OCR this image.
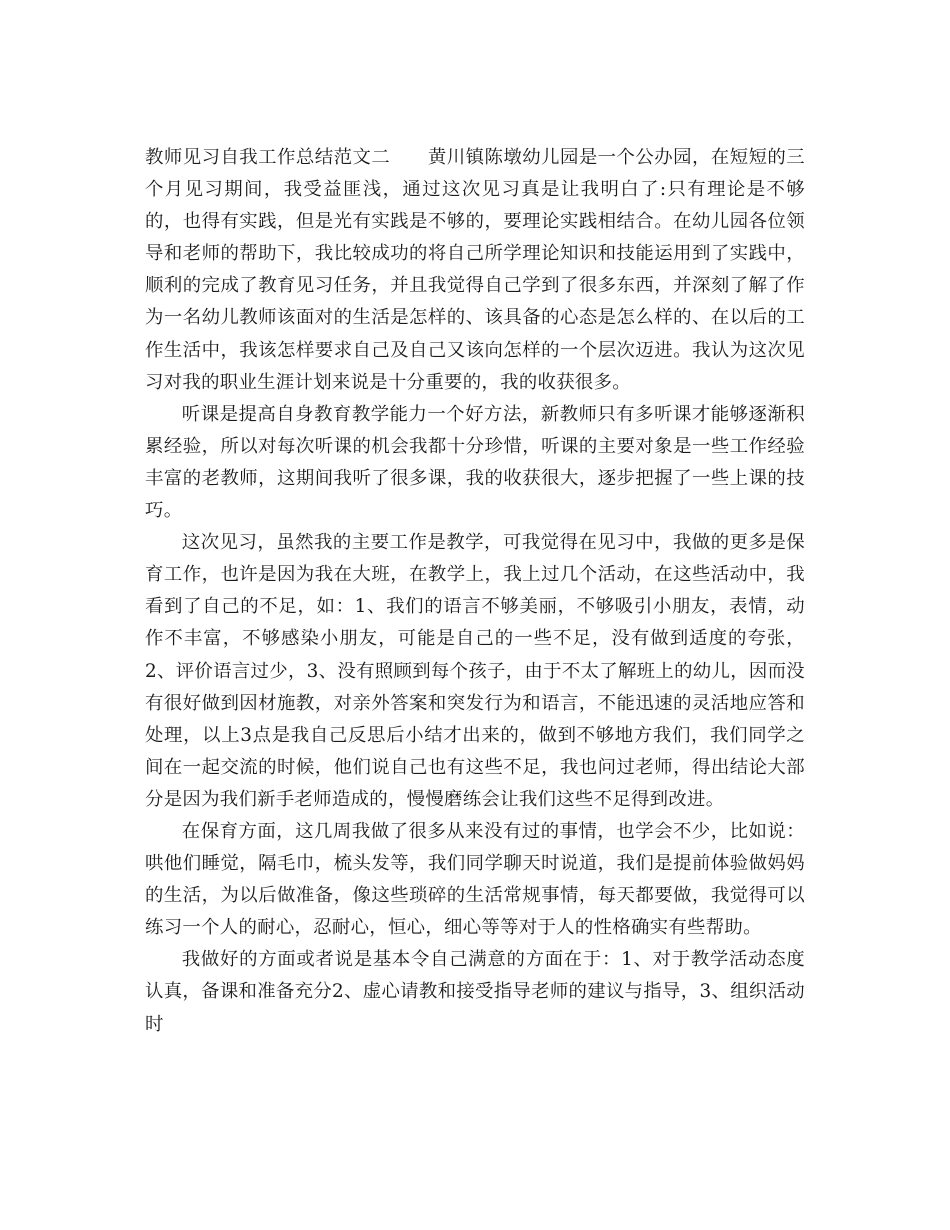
教师见习自我工作总结范文二　　黄川镇陈墩幼儿园是一个公办园，在短短的三个月见习期间，我受益匪浅，通过这次见习真是让我明白了:只有理论是不够的，也得有实践，但是光有实践是不够的，要理论实践相结合。在幼儿园各位领导和老师的帮助下，我比较成功的将自己所学理论知识和技能运用到了实践中，顺利的完成了教育见习任务，并且我觉得自己学到了很多东西，并深刻了解了作为一名幼儿教师该面对的生活是怎样的、该具备的心态是怎么样的、在以后的工作生活中，我该怎样要求自己及自己又该向怎样的一个层次迈进。我认为这次见习对我的职业生涯计划来说是十分重要的，我的收获很多。

听课是提高自身教育教学能力一个好方法，新教师只有多听课才能够逐渐积累经验，所以对每次听课的机会我都十分珍惜，听课的主要对象是一些工作经验丰富的老教师，这期间我听了很多课，我的收获很大，逐步把握了一些上课的技巧。

这次见习，虽然我的主要工作是教学，可我觉得在见习中，我做的更多是保育工作，也许是因为我在大班，在教学上，我上过几个活动，在这些活动中，我看到了自己的不足，如：1、我们的语言不够美丽，不够吸引小朋友，表情，动作不丰富，不够感染小朋友，可能是自己的一些不足，没有做到适度的夸张，2、评价语言过少，3、没有照顾到每个孩子，由于不太了解班上的幼儿，因而没有很好做到因材施教，对亲外答案和突发行为和语言，不能迅速的灵活地应答和处理，以上3点是我自己反思后小结才出来的，做到不够地方我们，我们同学之间在一起交流的时候，他们说自己也有这些不足，我也问过老师，得出结论大部分是因为我们新手老师造成的，慢慢磨练会让我们这些不足得到改进。

在保育方面，这几周我做了很多从来没有过的事情，也学会不少，比如说：哄他们睡觉，隔毛巾，梳头发等，我们同学聊天时说道，我们是提前体验做妈妈的生活，为以后做准备，像这些琐碎的生活常规事情，每天都要做，我觉得可以练习一个人的耐心，忍耐心，恒心，细心等等对于人的性格确实有些帮助。

我做好的方面或者说是基本令自己满意的方面在于：1、对于教学活动态度认真，备课和准备充分2、虚心请教和接受指导老师的建议与指导，3、组织活动时
